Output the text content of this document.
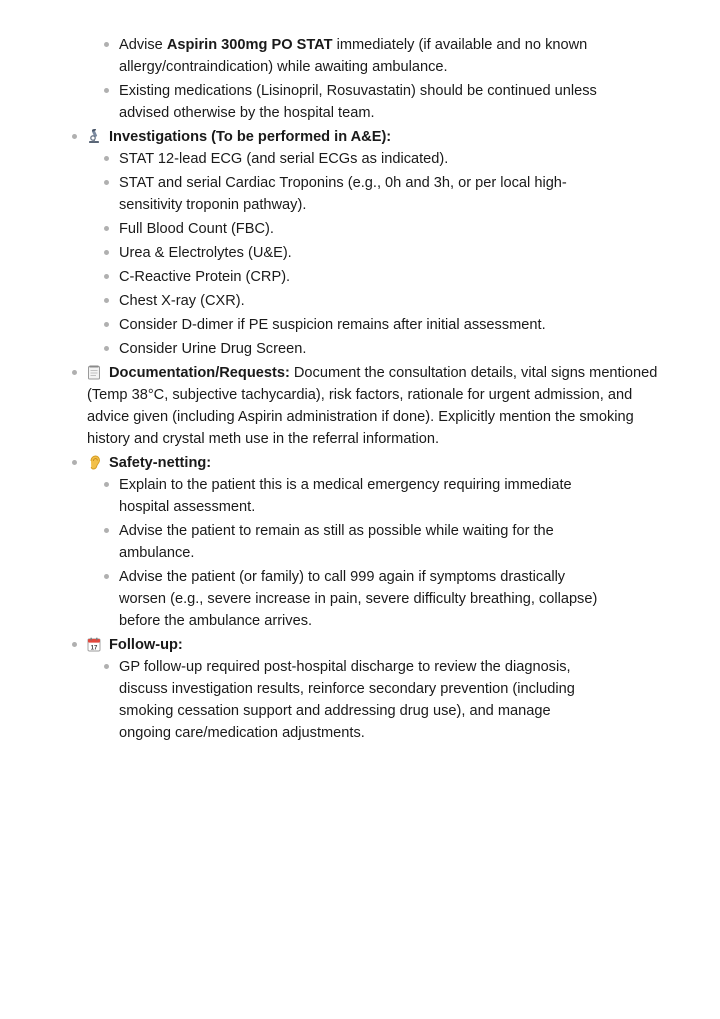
Advise Aspirin 300mg PO STAT immediately (if available and no known allergy/contraindication) while awaiting ambulance.
Existing medications (Lisinopril, Rosuvastatin) should be continued unless advised otherwise by the hospital team.
Investigations (To be performed in A&E):
STAT 12-lead ECG (and serial ECGs as indicated).
STAT and serial Cardiac Troponins (e.g., 0h and 3h, or per local high-sensitivity troponin pathway).
Full Blood Count (FBC).
Urea & Electrolytes (U&E).
C-Reactive Protein (CRP).
Chest X-ray (CXR).
Consider D-dimer if PE suspicion remains after initial assessment.
Consider Urine Drug Screen.
Documentation/Requests: Document the consultation details, vital signs mentioned (Temp 38°C, subjective tachycardia), risk factors, rationale for urgent admission, and advice given (including Aspirin administration if done). Explicitly mention the smoking history and crystal meth use in the referral information.
Safety-netting:
Explain to the patient this is a medical emergency requiring immediate hospital assessment.
Advise the patient to remain as still as possible while waiting for the ambulance.
Advise the patient (or family) to call 999 again if symptoms drastically worsen (e.g., severe increase in pain, severe difficulty breathing, collapse) before the ambulance arrives.
17 Follow-up:
GP follow-up required post-hospital discharge to review the diagnosis, discuss investigation results, reinforce secondary prevention (including smoking cessation support and addressing drug use), and manage ongoing care/medication adjustments.
